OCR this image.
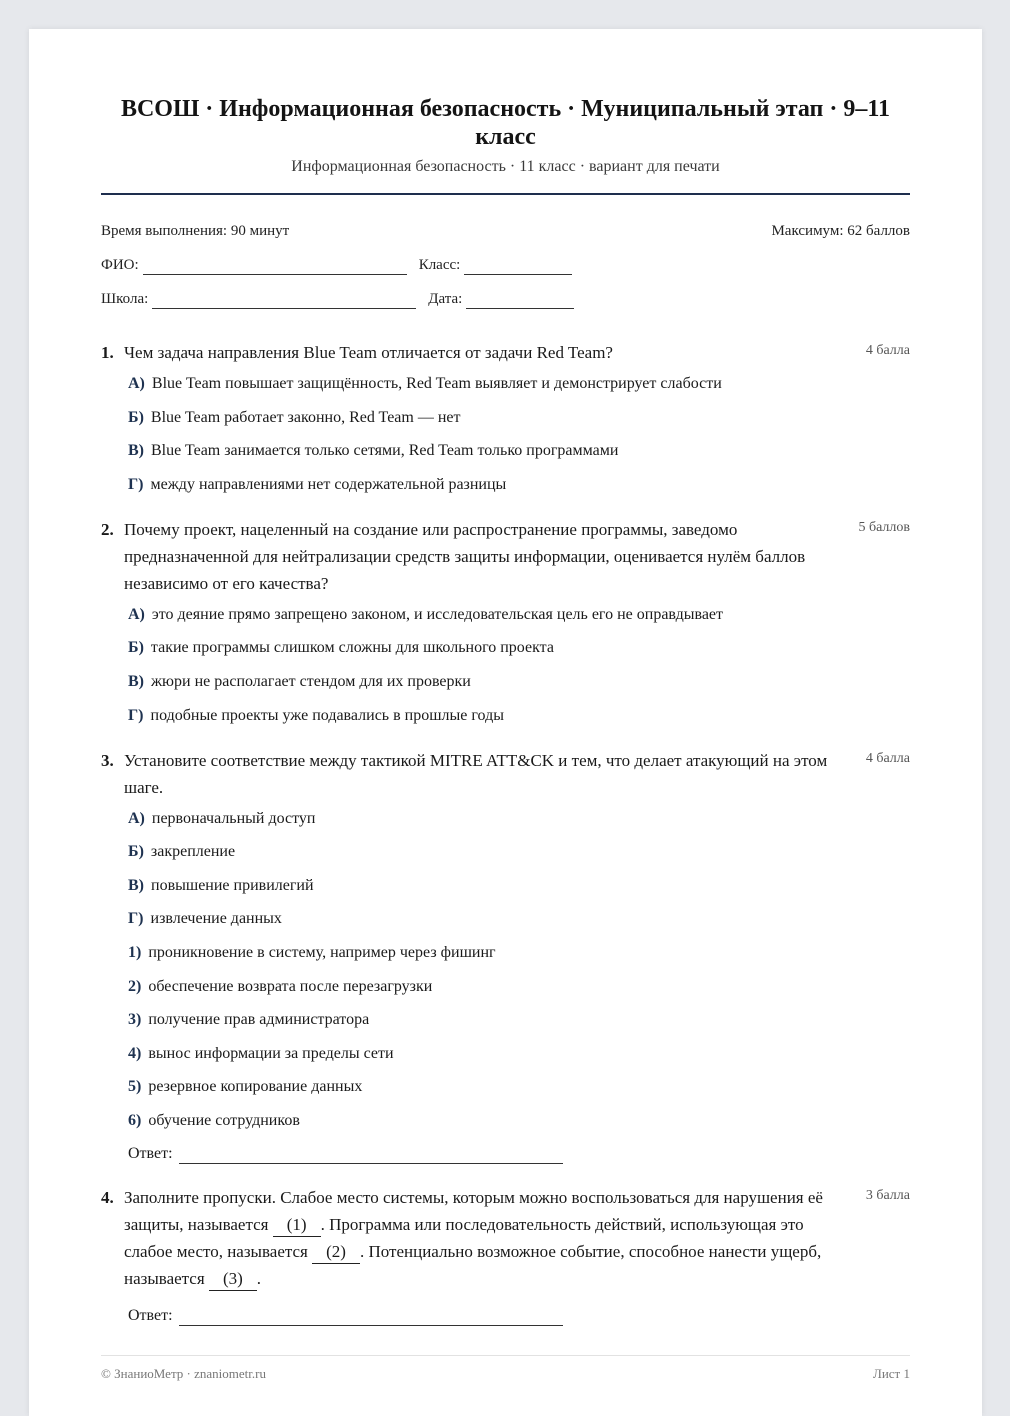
ВСОШ · Информационная безопасность · Муниципальный этап · 9–11 класс
Информационная безопасность · 11 класс · вариант для печати
Время выполнения: 90 минут	Максимум: 62 баллов
ФИО:	Класс:
Школа:	Дата:
1. Чем задача направления Blue Team отличается от задачи Red Team?	4 балла
А) Blue Team повышает защищённость, Red Team выявляет и демонстрирует слабости
Б) Blue Team работает законно, Red Team — нет
В) Blue Team занимается только сетями, Red Team только программами
Г) между направлениями нет содержательной разницы
2. Почему проект, нацеленный на создание или распространение программы, заведомо предназначенной для нейтрализации средств защиты информации, оценивается нулём баллов независимо от его качества?
5 баллов
А) это деяние прямо запрещено законом, и исследовательская цель его не оправдывает
Б) такие программы слишком сложны для школьного проекта
В) жюри не располагает стендом для их проверки
Г) подобные проекты уже подавались в прошлые годы
3. Установите соответствие между тактикой MITRE ATT&CK и тем, что делает атакующий на этом шаге.
4 балла
А) первоначальный доступ
Б) закрепление
В) повышение привилегий
Г) извлечение данных
1) проникновение в систему, например через фишинг
2) обеспечение возврата после перезагрузки
3) получение прав администратора
4) вынос информации за пределы сети
5) резервное копирование данных
6) обучение сотрудников
Ответ:
4. Заполните пропуски. Слабое место системы, которым можно воспользоваться для нарушения её защиты, называется (1) . Программа или последовательность действий, использующая это слабое место, называется (2) . Потенциально возможное событие, способное нанести ущерб, называется (3) .
3 балла
Ответ:
© ЗнаниоМетр · znaniometr.ru	Лист 1
